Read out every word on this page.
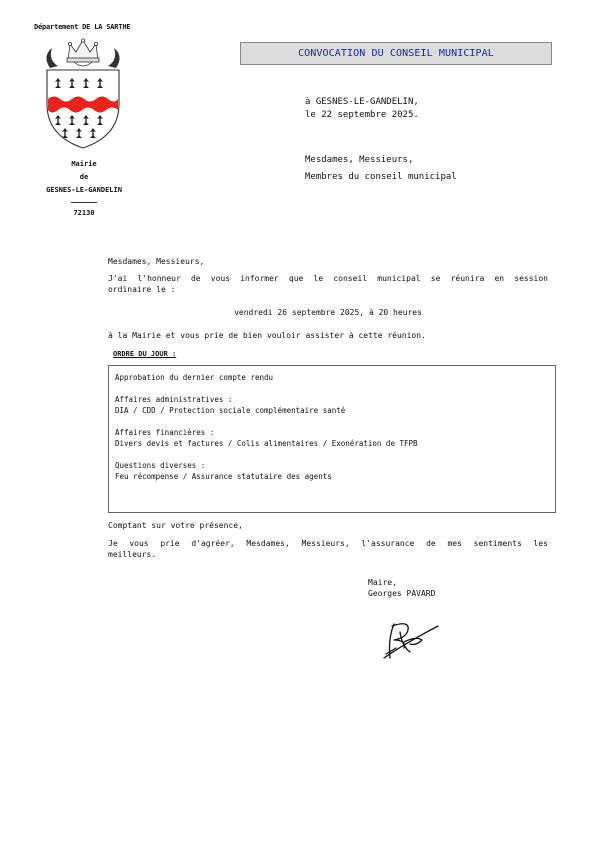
Département DE LA SARTHE
Mairie
de
GESNES-LE-GANDELIN
72130
CONVOCATION DU CONSEIL MUNICIPAL
à GESNES-LE-GANDELIN,
le 22 septembre 2025.
Mesdames, Messieurs,
Membres du conseil municipal
Mesdames, Messieurs,
J'ai l'honneur de vous informer que le conseil municipal se réunira en session
ordinaire le :
vendredi 26 septembre 2025, à 20 heures
à la Mairie et vous prie de bien vouloir assister à cette réunion.
ORDRE DU JOUR :
Approbation du dernier compte rendu
Affaires administratives :
DIA / CDD / Protection sociale complémentaire santé
Affaires financières :
Divers devis et factures / Colis alimentaires / Exonération de TFPB
Questions diverses :
Feu récompense / Assurance statutaire des agents
Comptant sur votre présence,
Je vous prie d'agréer, Mesdames, Messieurs, l'assurance de mes sentiments les
meilleurs.
Maire,
Georges PAVARD
